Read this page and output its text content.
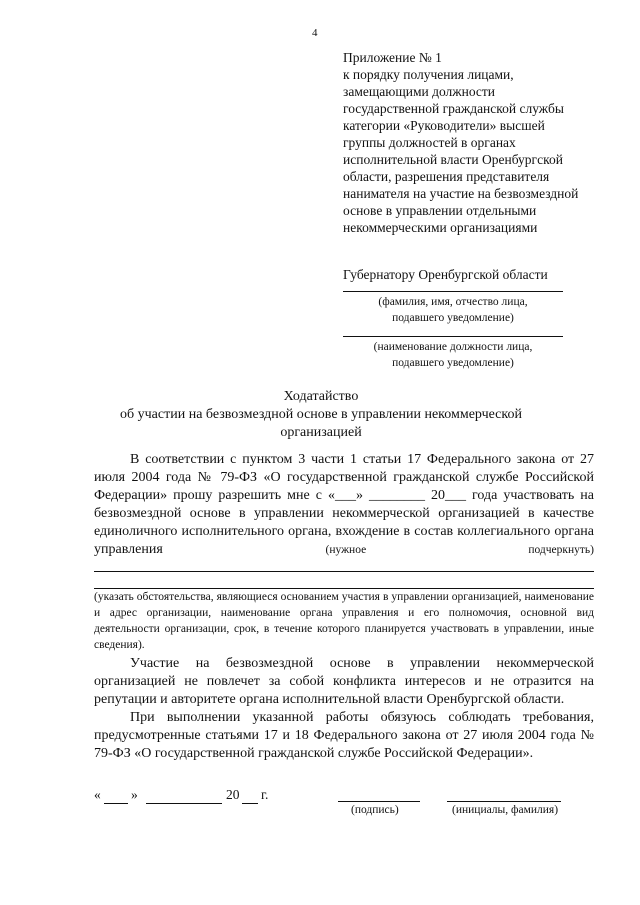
4
Приложение № 1
к порядку получения лицами,
замещающими должности
государственной гражданской службы
категории «Руководители» высшей
группы должностей в органах
исполнительной власти Оренбургской
области, разрешения представителя
нанимателя на участие на безвозмездной
основе в управлении отдельными
некоммерческими организациями
Губернатору Оренбургской области
(фамилия, имя, отчество лица,
подавшего уведомление)
(наименование должности лица,
подавшего уведомление)
Ходатайство
об участии на безвозмездной основе в управлении некоммерческой
организацией
В соответствии с пунктом 3 части 1 статьи 17 Федерального закона от 27 июля 2004 года № 79-ФЗ «О государственной гражданской службе Российской Федерации» прошу разрешить мне с «___» ________ 20___ года участвовать на безвозмездной основе в управлении некоммерческой организацией в качестве единоличного исполнительного органа, вхождение в состав коллегиального органа управления	(нужное подчеркнуть)
(указать обстоятельства, являющиеся основанием участия в управлении организацией, наименование и адрес организации, наименование органа управления и его полномочия, основной вид деятельности организации, срок, в течение которого планируется участвовать в управлении, иные сведения).
Участие на безвозмездной основе в управлении некоммерческой организацией не повлечет за собой конфликта интересов и не отразится на репутации и авторитете органа исполнительной власти Оренбургской области.
При выполнении указанной работы обязуюсь соблюдать требования, предусмотренные статьями 17 и 18 Федерального закона от 27 июля 2004 года № 79-ФЗ «О государственной гражданской службе Российской Федерации».
« »	20 г.
(подпись)	(инициалы, фамилия)
